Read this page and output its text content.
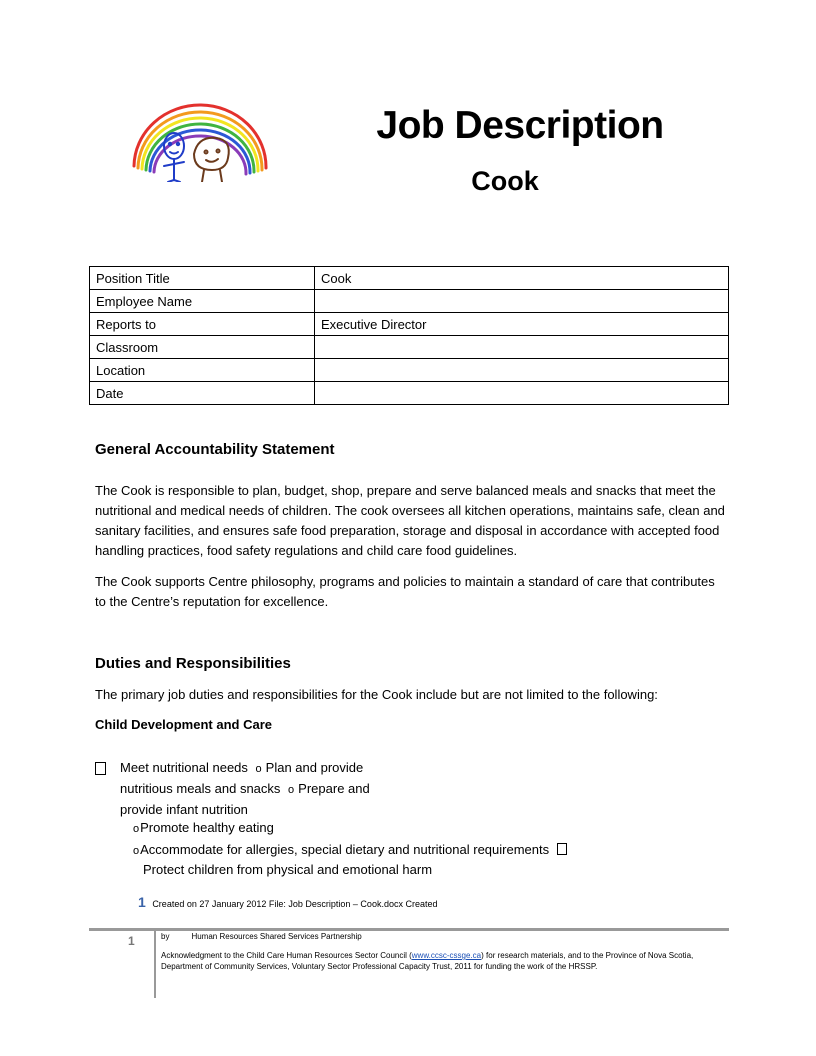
Job Description
Cook
Position Title	Cook
Employee Name	
Reports to	Executive Director
Classroom	
Location	
Date	
General Accountability Statement
The Cook is responsible to plan, budget, shop, prepare and serve balanced meals and snacks that meet the nutritional and medical needs of children. The cook oversees all kitchen operations, maintains safe, clean and sanitary facilities, and ensures safe food preparation, storage and disposal in accordance with accepted food handling practices, food safety regulations and child care food guidelines.
The Cook supports Centre philosophy, programs and policies to maintain a standard of care that contributes to the Centre’s reputation for excellence.
Duties and Responsibilities
The primary job duties and responsibilities for the Cook include but are not limited to the following:
Child Development and Care
Meet nutritional needs o Plan and provide
nutritious meals and snacks o Prepare and
provide infant nutrition
oPromote healthy eating
oAccommodate for allergies, special dietary and nutritional requirements
Protect children from physical and emotional harm
1 Created on 27 January 2012 File: Job Description – Cook.docx Created
1	by	Human Resources Shared Services Partnership
Acknowledgment to the Child Care Human Resources Sector Council (www.ccsc-cssge.ca) for research materials, and to the Province of Nova Scotia, Department of Community Services, Voluntary Sector Professional Capacity Trust, 2011 for funding the work of the HRSSP.
